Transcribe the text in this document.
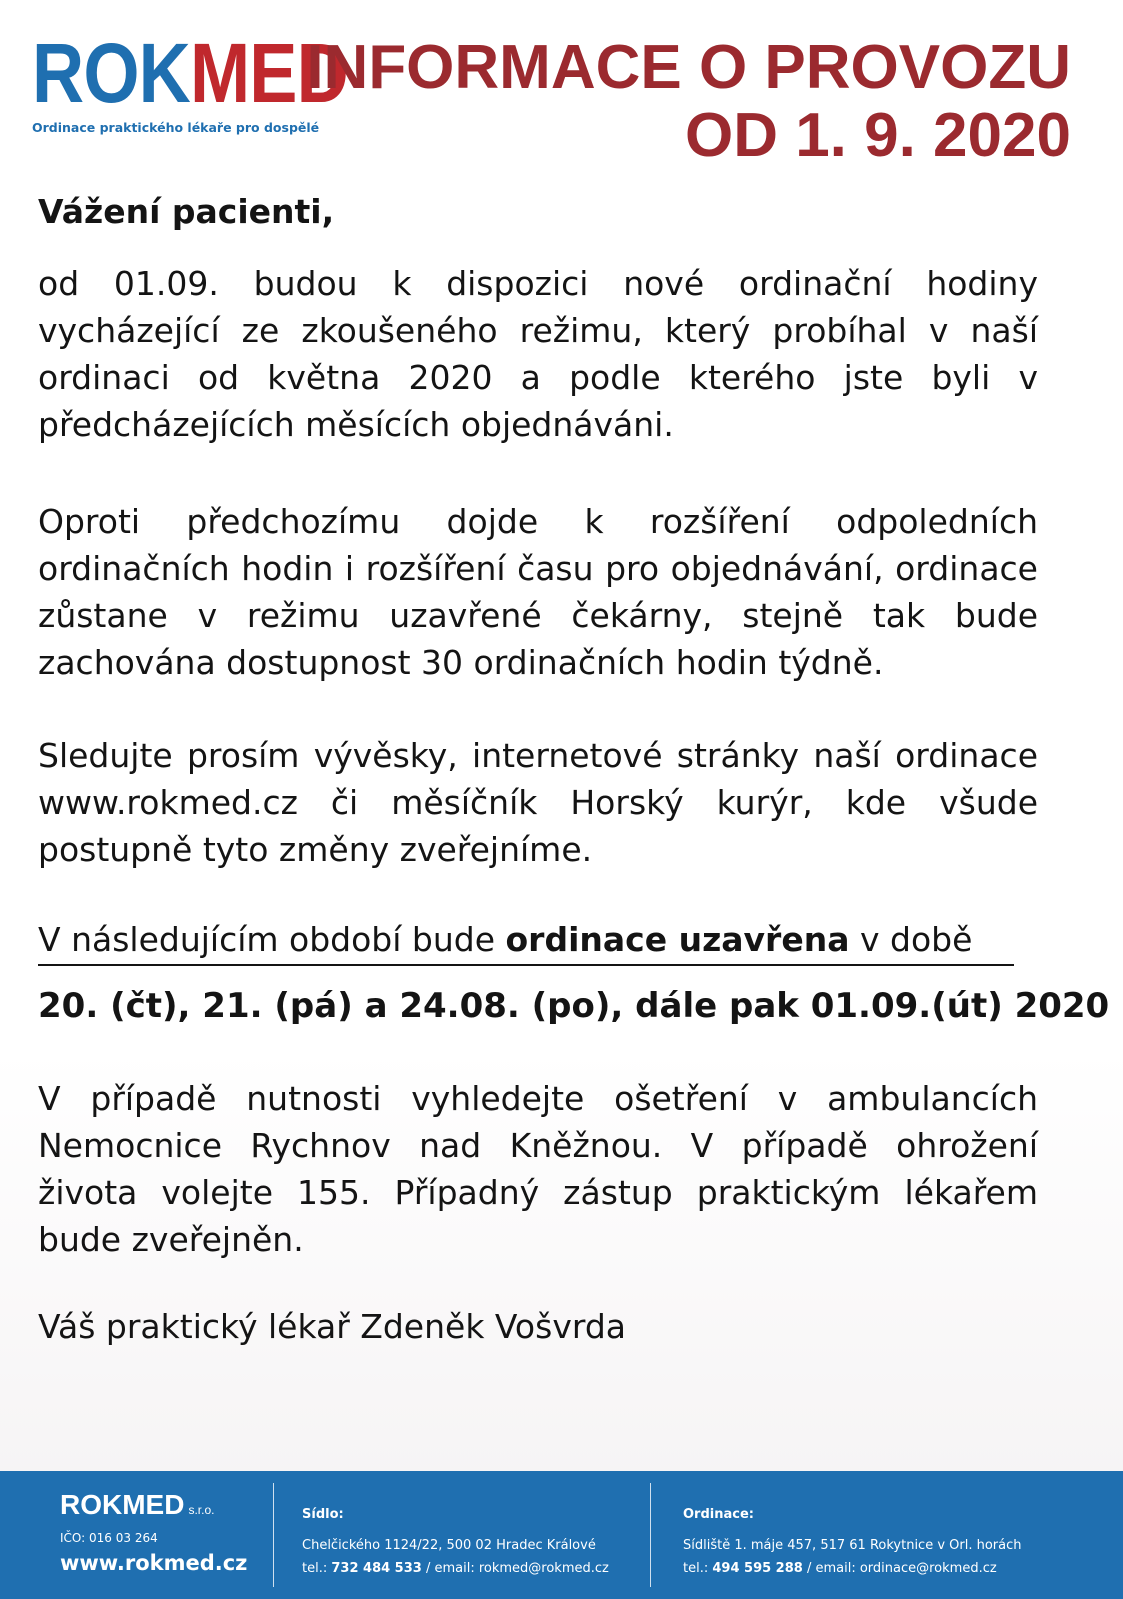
ROKMED
Ordinace praktického lékaře pro dospělé
INFORMACE O PROVOZU
OD 1. 9. 2020

Vážení pacienti,

od 01.09. budou k dispozici nové ordinační hodiny vycházející ze zkoušeného režimu, který probíhal v naší ordinaci od května 2020 a podle kterého jste byli v předcházejících měsících objednáváni.

Oproti předchozímu dojde k rozšíření odpoledních ordinačních hodin i rozšíření času pro objednávání, ordinace zůstane v režimu uzavřené čekárny, stejně tak bude zachována dostupnost 30 ordinačních hodin týdně.

Sledujte prosím vývěsky, internetové stránky naší ordinace www.rokmed.cz či měsíčník Horský kurýr, kde všude postupně tyto změny zveřejníme.

V následujícím období bude ordinace uzavřena v době
20. (čt), 21. (pá) a 24.08. (po), dále pak 01.09.(út) 2020

V případě nutnosti vyhledejte ošetření v ambulancích Nemocnice Rychnov nad Kněžnou. V případě ohrožení života volejte 155. Případný zástup praktickým lékařem bude zveřejněn.

Váš praktický lékař Zdeněk Vošvrda
ROKMED s.r.o.
IČO: 016 03 264
www.rokmed.cz
Sídlo:
Chelčického 1124/22, 500 02 Hradec Králové
tel.: 732 484 533 / email: rokmed@rokmed.cz
Ordinace:
Sídliště 1. máje 457, 517 61 Rokytnice v Orl. horách
tel.: 494 595 288 / email: ordinace@rokmed.cz
